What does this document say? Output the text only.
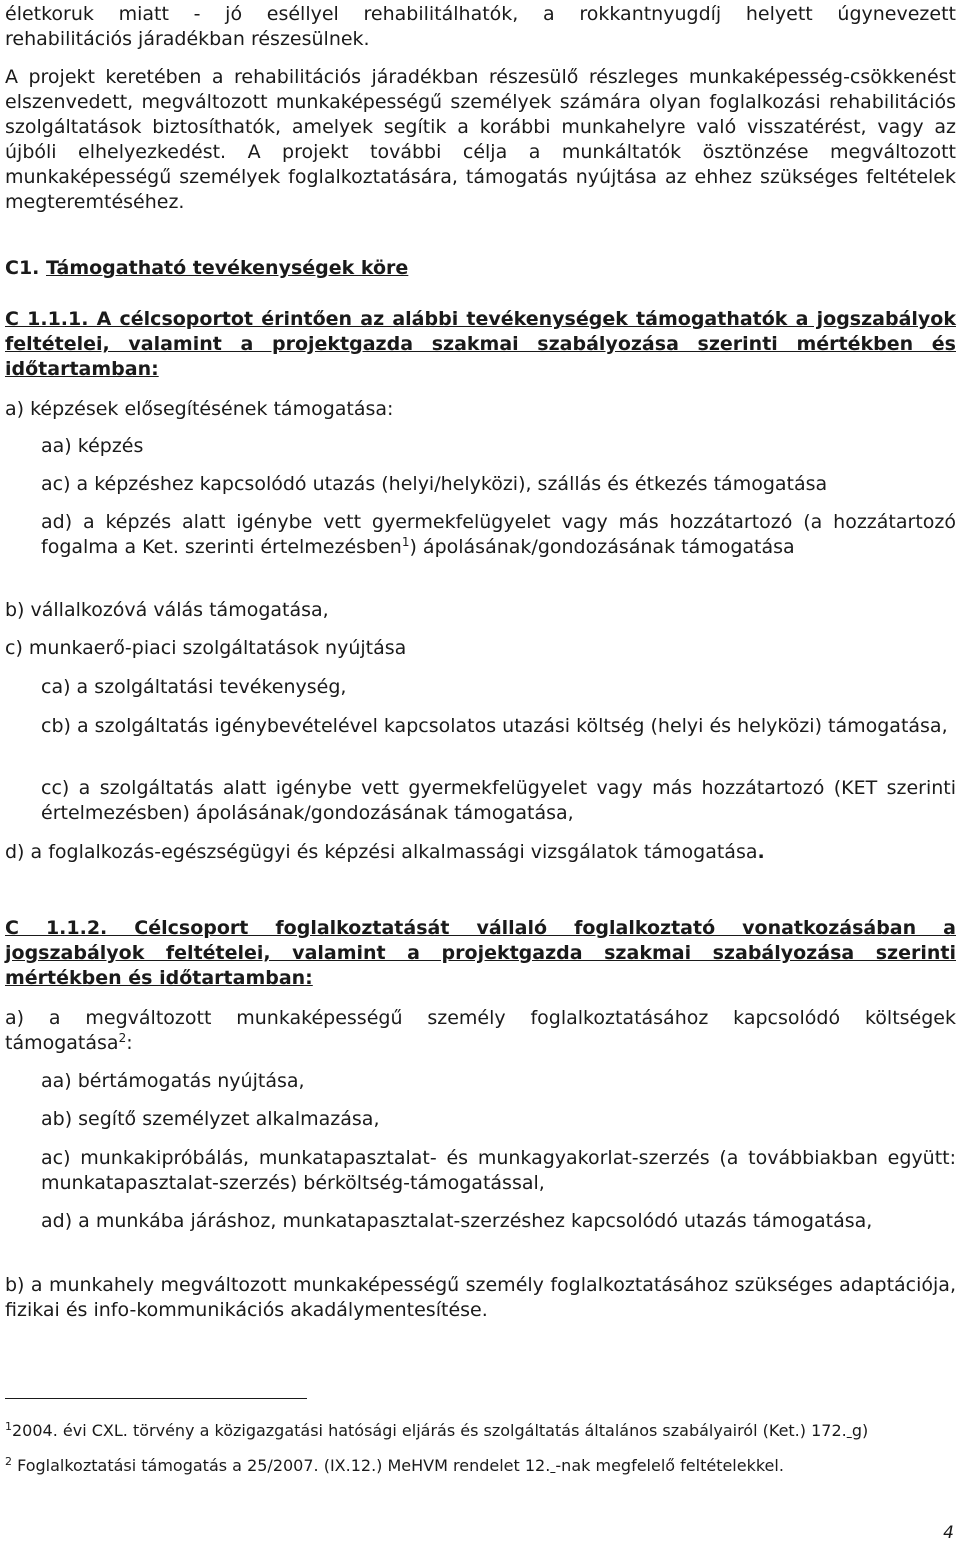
életkoruk miatt - jó eséllyel rehabilitálhatók, a rokkantnyugdíj helyett úgynevezett
rehabilitációs járadékban részesülnek.
A projekt keretében a rehabilitációs járadékban részesülő részleges munkaképesség-csökkenést elszenvedett, megváltozott munkaképességű személyek számára olyan foglalkozási rehabilitációs szolgáltatások biztosíthatók, amelyek segítik a korábbi munkahelyre való visszatérést, vagy az újbóli elhelyezkedést. A projekt további célja a munkáltatók ösztönzése megváltozott munkaképességű személyek foglalkoztatására, támogatás nyújtása az ehhez szükséges feltételek megteremtéséhez.
C1. Támogatható tevékenységek köre
C 1.1.1. A célcsoportot érintően az alábbi tevékenységek támogathatók a jogszabályok feltételei, valamint a projektgazda szakmai szabályozása szerinti mértékben és időtartamban:
a) képzések elősegítésének támogatása:
aa) képzés
ac) a képzéshez kapcsolódó utazás (helyi/helyközi), szállás és étkezés támogatása
ad) a képzés alatt igénybe vett gyermekfelügyelet vagy más hozzátartozó (a hozzátartozó fogalma a Ket. szerinti értelmezésben$^1$) ápolásának/gondozásának támogatása
b) vállalkozóvá válás támogatása,
c) munkaerő-piaci szolgáltatások nyújtása
ca) a szolgáltatási tevékenység,
cb) a szolgáltatás igénybevételével kapcsolatos utazási költség (helyi és helyközi) támogatása,
cc) a szolgáltatás alatt igénybe vett gyermekfelügyelet vagy más hozzátartozó (KET szerinti értelmezésben) ápolásának/gondozásának támogatása,
d) a foglalkozás-egészségügyi és képzési alkalmassági vizsgálatok támogatása.
C 1.1.2. Célcsoport foglalkoztatását vállaló foglalkoztató vonatkozásában a jogszabályok feltételei, valamint a projektgazda szakmai szabályozása szerinti mértékben és időtartamban:
a) a megváltozott munkaképességű személy foglalkoztatásához kapcsolódó költségek támogatása$^2$:
aa) bértámogatás nyújtása,
ab) segítő személyzet alkalmazása,
ac) munkakipróbálás, munkatapasztalat- és munkagyakorlat-szerzés (a továbbiakban együtt: munkatapasztalat-szerzés) bérköltség-támogatással,
ad) a munkába járáshoz, munkatapasztalat-szerzéshez kapcsolódó utazás támogatása,
b) a munkahely megváltozott munkaképességű személy foglalkoztatásához szükséges adaptációja, fizikai és info-kommunikációs akadálymentesítése.
$^1$2004. évi CXL. törvény a közigazgatási hatósági eljárás és szolgáltatás általános szabályairól (Ket.) 172. g)
$^2$ Foglalkoztatási támogatás a 25/2007. (IX.12.) MeHVM rendelet 12. -nak megfelelő feltételekkel.
4
